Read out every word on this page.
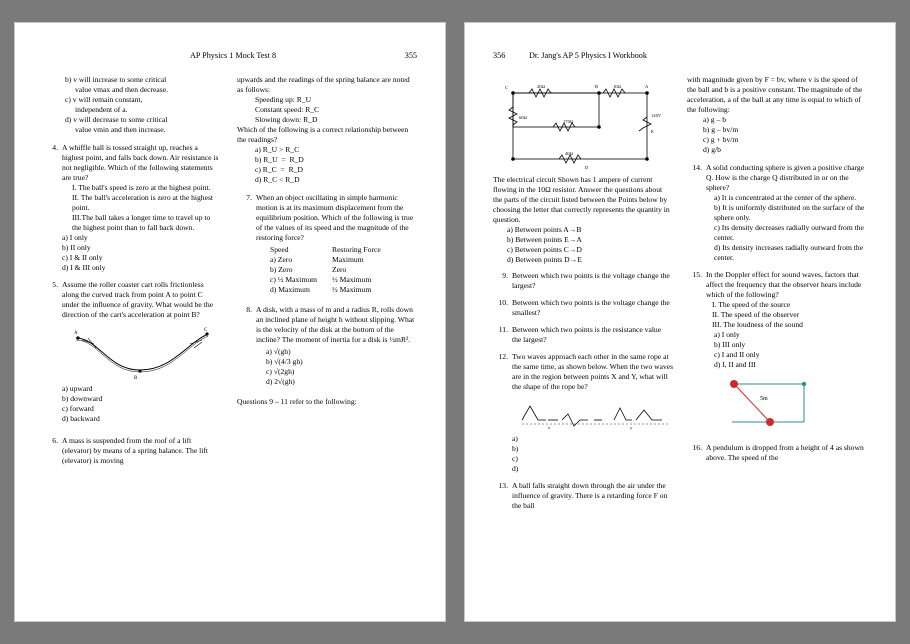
AP Physics 1 Mock Test 8	355
b) v will increase to some critical
value vmax and then decrease.
c) v will remain constant,
independent of a.
d) v will decrease to some critical
value vmin and then increase.
4. A whiffle ball is tossed straight up, reaches a highest point, and falls back down. Air resistance is not negligible. Which of the following statements are true?
I. The ball's speed is zero at the highest point.
II. The ball's acceleration is zero at the highest point.
III.The ball takes a longer time to travel up to the highest point than to fall back down.
a) I only
b) II only
c) I & II only
d) I & III only
5. Assume the roller coaster cart rolls frictionless along the curved track from point A to point C under the influence of gravity. What would be the direction of the cart's acceleration at point B?
A
B
C
a) upward
b) downward
c) forward
d) backward
6. A mass is suspended from the roof of a lift (elevator) by means of a spring balance. The lift (elevator) is moving
upwards and the readings of the spring balance are noted as follows:
Speeding up: R_U
Constant speed: R_C
Slowing down: R_D
Which of the following is a correct relationship between the readings?
a) R_U > R_C
b) R_U  =  R_D
c) R_C  =  R_D
d) R_C < R_D
7. When an object oscillating in simple harmonic motion is at its maximum displacement from the equilibrium position. Which of the following is true of the values of its speed and the magnitude of the restoring force?
Speed	Restoring Force
a) Zero	Maximum
b) Zero	Zero
c) ½ Maximum	½ Maximum
d) Maximum	½ Maximum
8. A disk, with a mass of m and a radius R, rolls down an inclined plane of height h without slipping. What is the velocity of the disk at the bottom of the incline? The moment of inertia for a disk is ½mR².
a) √(gh)
b) √(4/3 gh)
c) √(2gh)
d) 2√(gh)
Questions 9 – 11 refer to the following:
356	Dr. Jang's AP 5 Physics I Workbook
C	20Ω	B	10Ω	A
60Ω
170Ω
120V
E
40Ω
D
The electrical circuit Shown has 1 ampere of current flowing in the 10Ω resistor. Answer the questions about the parts of the circuit listed between the Points below by choosing the letter that correctly represents the quantity in question.
a) Between points A→B
b) Between points E→A
c) Between points C→D
d) Between points D→E
9. Between which two points is the voltage change the largest?
10. Between which two points is the voltage change the smallest?
11. Between which two points is the resistance value the largest?
12. Two waves approach each other in the same rope at the same time, as shown below. When the two waves are in the region between points X and Y, what will the shape of the rope be?
x	y
a)
b)
c)
d)
13. A ball falls straight down through the air under the influence of gravity. There is a retarding force F on the ball
with magnitude given by F = bv, where v is the speed of the ball and b is a positive constant. The magnitude of the acceleration, a of the ball at any time is equal to which of the following:
a) g – b
b) g – bv/m
c) g + bv/m
d) g/b
14. A solid conducting sphere is given a positive charge Q. How is the charge Q distributed in or on the sphere?
a) It is concentrated at the center of the sphere.
b) It is uniformly distributed on the surface of the sphere only.
c) Its density decreases radially outward from the center.
d) Its density increases radially outward from the center.
15. In the Doppler effect for sound waves, factors that affect the frequency that the observer hears include which of the following?
I. The speed of the source
II. The speed of the observer
III. The loudness of the sound
a) I only
b) III only
c) I and II only
d) I, II and III
5m
16. A pendulum is dropped from a height of 4 as shown above. The speed of the
